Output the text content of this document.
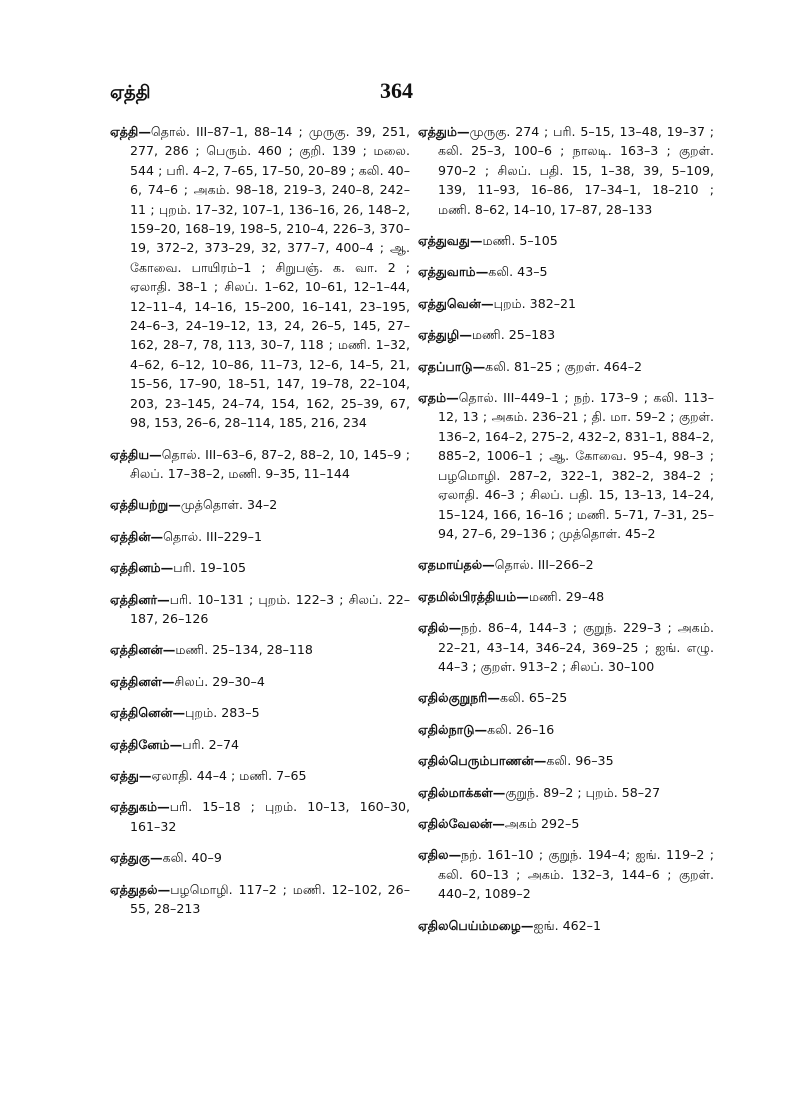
ஏத்தி	364
ஏத்தி—தொல். III–87–1, 88–14 ; முருகு. 39, 251, 277, 286 ; பெரும். 460 ; குறி. 139 ; மலை. 544 ; பரி. 4–2, 7–65, 17–50, 20–89 ; கலி. 40–6, 74–6 ; அகம். 98–18, 219–3, 240–8, 242–11 ; புறம். 17–32, 107–1, 136–16, 26, 148–2, 159–20, 168–19, 198–5, 210–4, 226–3, 370–19, 372–2, 373–29, 32, 377–7, 400–4 ; ஆ. கோவை. பாயிரம்–1 ; சிறுபஞ். க. வா. 2 ; ஏலாதி. 38–1 ; சிலப். 1–62, 10–61, 12–1–44, 12–11–4, 14–16, 15–200, 16–141, 23–195, 24–6–3, 24–19–12, 13, 24, 26–5, 145, 27–162, 28–7, 78, 113, 30–7, 118 ; மணி. 1–32, 4–62, 6–12, 10–86, 11–73, 12–6, 14–5, 21, 15–56, 17–90, 18–51, 147, 19–78, 22–104, 203, 23–145, 24–74, 154, 162, 25–39, 67, 98, 153, 26–6, 28–114, 185, 216, 234
ஏத்திய—தொல். III–63–6, 87–2, 88–2, 10, 145–9 ; சிலப். 17–38–2, மணி. 9–35, 11–144
ஏத்தியற்று—முத்தொள். 34–2
ஏத்தின்—தொல். III–229–1
ஏத்தினம்—பரி. 19–105
ஏத்தினர்—பரி. 10–131 ; புறம். 122–3 ; சிலப். 22–187, 26–126
ஏத்தினன்—மணி. 25–134, 28–118
ஏத்தினள்—சிலப். 29–30–4
ஏத்தினென்—புறம். 283–5
ஏத்தினேம்—பரி. 2–74
ஏத்து—ஏலாதி. 44–4 ; மணி. 7–65
ஏத்துகம்—பரி. 15–18 ; புறம். 10–13, 160–30, 161–32
ஏத்துகு—கலி. 40–9
ஏத்துதல்—பழமொழி. 117–2 ; மணி. 12–102, 26–55, 28–213
ஏத்தும்—முருகு. 274 ; பரி. 5–15, 13–48, 19–37 ; கலி. 25–3, 100–6 ; நாலடி. 163–3 ; குறள். 970–2 ; சிலப். பதி. 15, 1–38, 39, 5–109, 139, 11–93, 16–86, 17–34–1, 18–210 ; மணி. 8–62, 14–10, 17–87, 28–133
ஏத்துவது—மணி. 5–105
ஏத்துவாம்—கலி. 43–5
ஏத்துவென்—புறம். 382–21
ஏத்துழி—மணி. 25–183
ஏதப்பாடு—கலி. 81–25 ; குறள். 464–2
ஏதம்—தொல். III–449–1 ; நற். 173–9 ; கலி. 113–12, 13 ; அகம். 236–21 ; தி. மா. 59–2 ; குறள். 136–2, 164–2, 275–2, 432–2, 831–1, 884–2, 885–2, 1006–1 ; ஆ. கோவை. 95–4, 98–3 ; பழமொழி. 287–2, 322–1, 382–2, 384–2 ; ஏலாதி. 46–3 ; சிலப். பதி. 15, 13–13, 14–24, 15–124, 166, 16–16 ; மணி. 5–71, 7–31, 25–94, 27–6, 29–136 ; முத்தொள். 45–2
ஏதமாய்தல்—தொல். III–266–2
ஏதமில்பிரத்தியம்—மணி. 29–48
ஏதில்—நற். 86–4, 144–3 ; குறுந். 229–3 ; அகம். 22–21, 43–14, 346–24, 369–25 ; ஐங். எழு. 44–3 ; குறள். 913–2 ; சிலப். 30–100
ஏதில்குறுநரி—கலி. 65–25
ஏதில்நாடு—கலி. 26–16
ஏதில்பெரும்பாணன்—கலி. 96–35
ஏதில்மாக்கள்—குறுந். 89–2 ; புறம். 58–27
ஏதில்வேலன்—அகம் 292–5
ஏதில—நற். 161–10 ; குறுந். 194–4; ஐங். 119–2 ; கலி. 60–13 ; அகம். 132–3, 144–6 ; குறள். 440–2, 1089–2
ஏதிலபெய்ம்மழை—ஐங். 462–1
